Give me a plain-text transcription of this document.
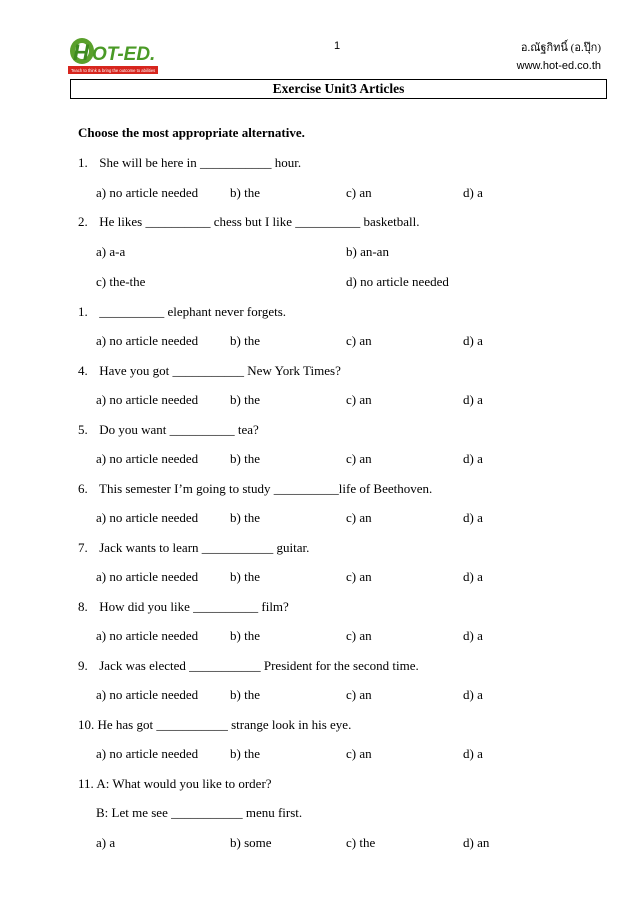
H OT-ED.
Teach to think & bring the outcome to abilities
1	อ.ณัฐกิทนิ์ (อ.ปุ๊ก)
www.hot-ed.co.th
Exercise Unit3 Articles
Choose the most appropriate alternative.
1. She will be here in ___________ hour.
a) no article needed b) the	c) an	d) a
2. He likes __________ chess but I like __________ basketball.
a) a-a	b) an-an
c) the-the	d) no article needed
1. __________ elephant never forgets.
a) no article needed b) the	c) an	d) a
4. Have you got ___________ New York Times?
a) no article needed b) the	c) an	d) a
5. Do you want __________ tea?
a) no article needed b) the	c) an	d) a
6. This semester I’m going to study __________life of Beethoven.
a) no article needed b) the	c) an	d) a
7. Jack wants to learn ___________ guitar.
a) no article needed b) the	c) an	d) a
8. How did you like __________ film?
a) no article needed b) the	c) an	d) a
9. Jack was elected ___________ President for the second time.
a) no article needed b) the	c) an	d) a
10. He has got ___________ strange look in his eye.
a) no article needed b) the	c) an	d) a
11. A: What would you like to order?
B: Let me see ___________ menu first.
a) a	b) some	c) the	d) an
